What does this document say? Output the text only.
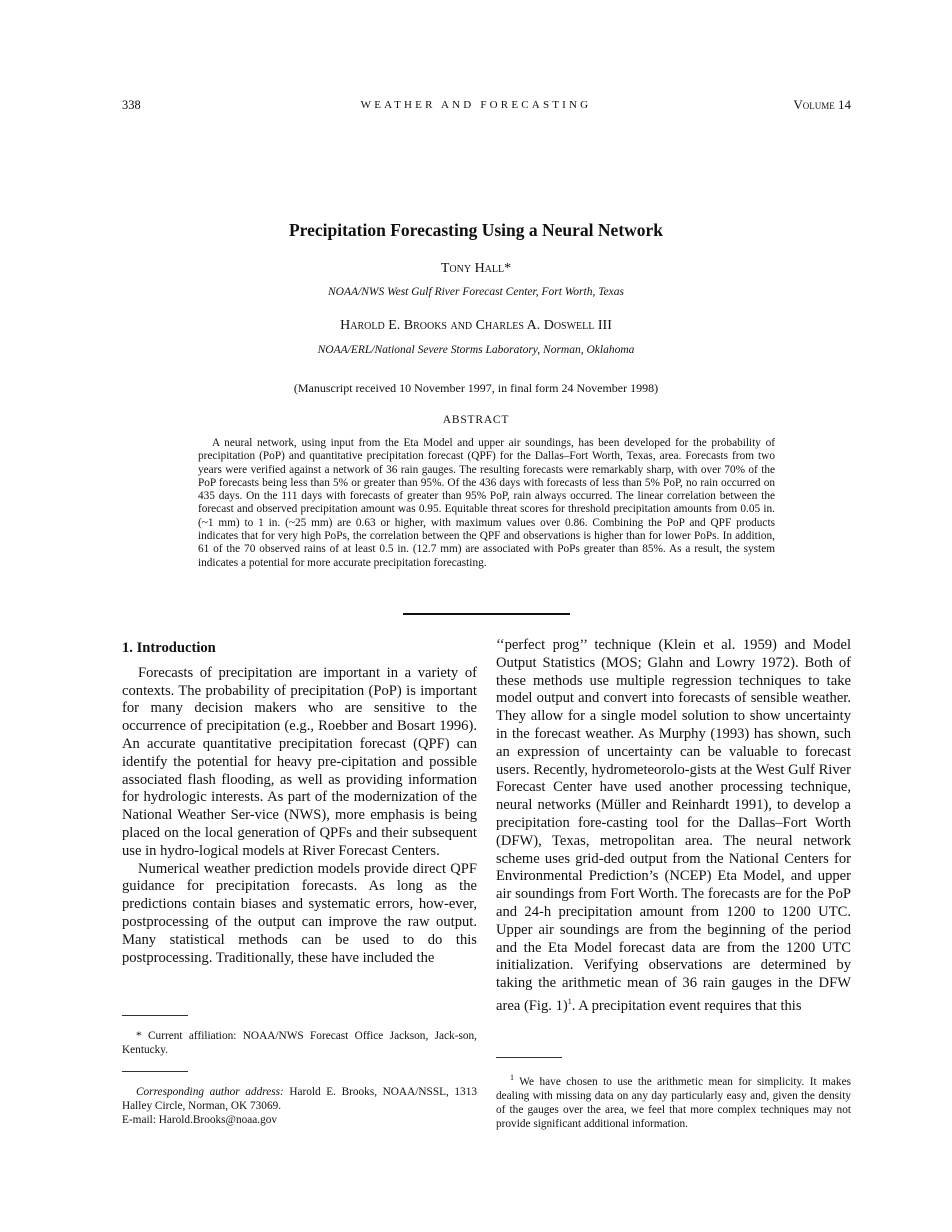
338	WEATHER AND FORECASTING	Volume 14
Precipitation Forecasting Using a Neural Network
Tony Hall*
NOAA/NWS West Gulf River Forecast Center, Fort Worth, Texas
Harold E. Brooks and Charles A. Doswell III
NOAA/ERL/National Severe Storms Laboratory, Norman, Oklahoma
(Manuscript received 10 November 1997, in final form 24 November 1998)
ABSTRACT
A neural network, using input from the Eta Model and upper air soundings, has been developed for the probability of precipitation (PoP) and quantitative precipitation forecast (QPF) for the Dallas–Fort Worth, Texas, area. Forecasts from two years were verified against a network of 36 rain gauges. The resulting forecasts were remarkably sharp, with over 70% of the PoP forecasts being less than 5% or greater than 95%. Of the 436 days with forecasts of less than 5% PoP, no rain occurred on 435 days. On the 111 days with forecasts of greater than 95% PoP, rain always occurred. The linear correlation between the forecast and observed precipitation amount was 0.95. Equitable threat scores for threshold precipitation amounts from 0.05 in. (~1 mm) to 1 in. (~25 mm) are 0.63 or higher, with maximum values over 0.86. Combining the PoP and QPF products indicates that for very high PoPs, the correlation between the QPF and observations is higher than for lower PoPs. In addition, 61 of the 70 observed rains of at least 0.5 in. (12.7 mm) are associated with PoPs greater than 85%. As a result, the system indicates a potential for more accurate precipitation forecasting.
1. Introduction

Forecasts of precipitation are important in a variety of contexts. The probability of precipitation (PoP) is important for many decision makers who are sensitive to the occurrence of precipitation (e.g., Roebber and Bosart 1996). An accurate quantitative precipitation forecast (QPF) can identify the potential for heavy pre-cipitation and possible associated flash flooding, as well as providing information for hydrologic interests. As part of the modernization of the National Weather Ser-vice (NWS), more emphasis is being placed on the local generation of QPFs and their subsequent use in hydro-logical models at River Forecast Centers.

Numerical weather prediction models provide direct QPF guidance for precipitation forecasts. As long as the predictions contain biases and systematic errors, how-ever, postprocessing of the output can improve the raw output. Many statistical methods can be used to do this postprocessing. Traditionally, these have included the

‘‘perfect prog’’ technique (Klein et al. 1959) and Model Output Statistics (MOS; Glahn and Lowry 1972). Both of these methods use multiple regression techniques to take model output and convert into forecasts of sensible weather. They allow for a single model solution to show uncertainty in the forecast weather. As Murphy (1993) has shown, such an expression of uncertainty can be valuable to forecast users. Recently, hydrometeorolo-gists at the West Gulf River Forecast Center have used another processing technique, neural networks (Müller and Reinhardt 1991), to develop a precipitation fore-casting tool for the Dallas–Fort Worth (DFW), Texas, metropolitan area. The neural network scheme uses grid-ded output from the National Centers for Environmental Prediction’s (NCEP) Eta Model, and upper air soundings from Fort Worth. The forecasts are for the PoP and 24-h precipitation amount from 1200 to 1200 UTC. Upper air soundings are from the beginning of the period and the Eta Model forecast data are from the 1200 UTC initialization. Verifying observations are determined by taking the arithmetic mean of 36 rain gauges in the DFW area (Fig. 1)$^1$. A precipitation event requires that this

* Current affiliation: NOAA/NWS Forecast Office Jackson, Jack-son, Kentucky.

Corresponding author address: Harold E. Brooks, NOAA/NSSL, 1313 Halley Circle, Norman, OK 73069.

E-mail: Harold.Brooks@noaa.gov

$^1$ We have chosen to use the arithmetic mean for simplicity. It makes dealing with missing data on any day particularly easy and, given the density of the gauges over the area, we feel that more complex techniques may not provide significant additional information.
